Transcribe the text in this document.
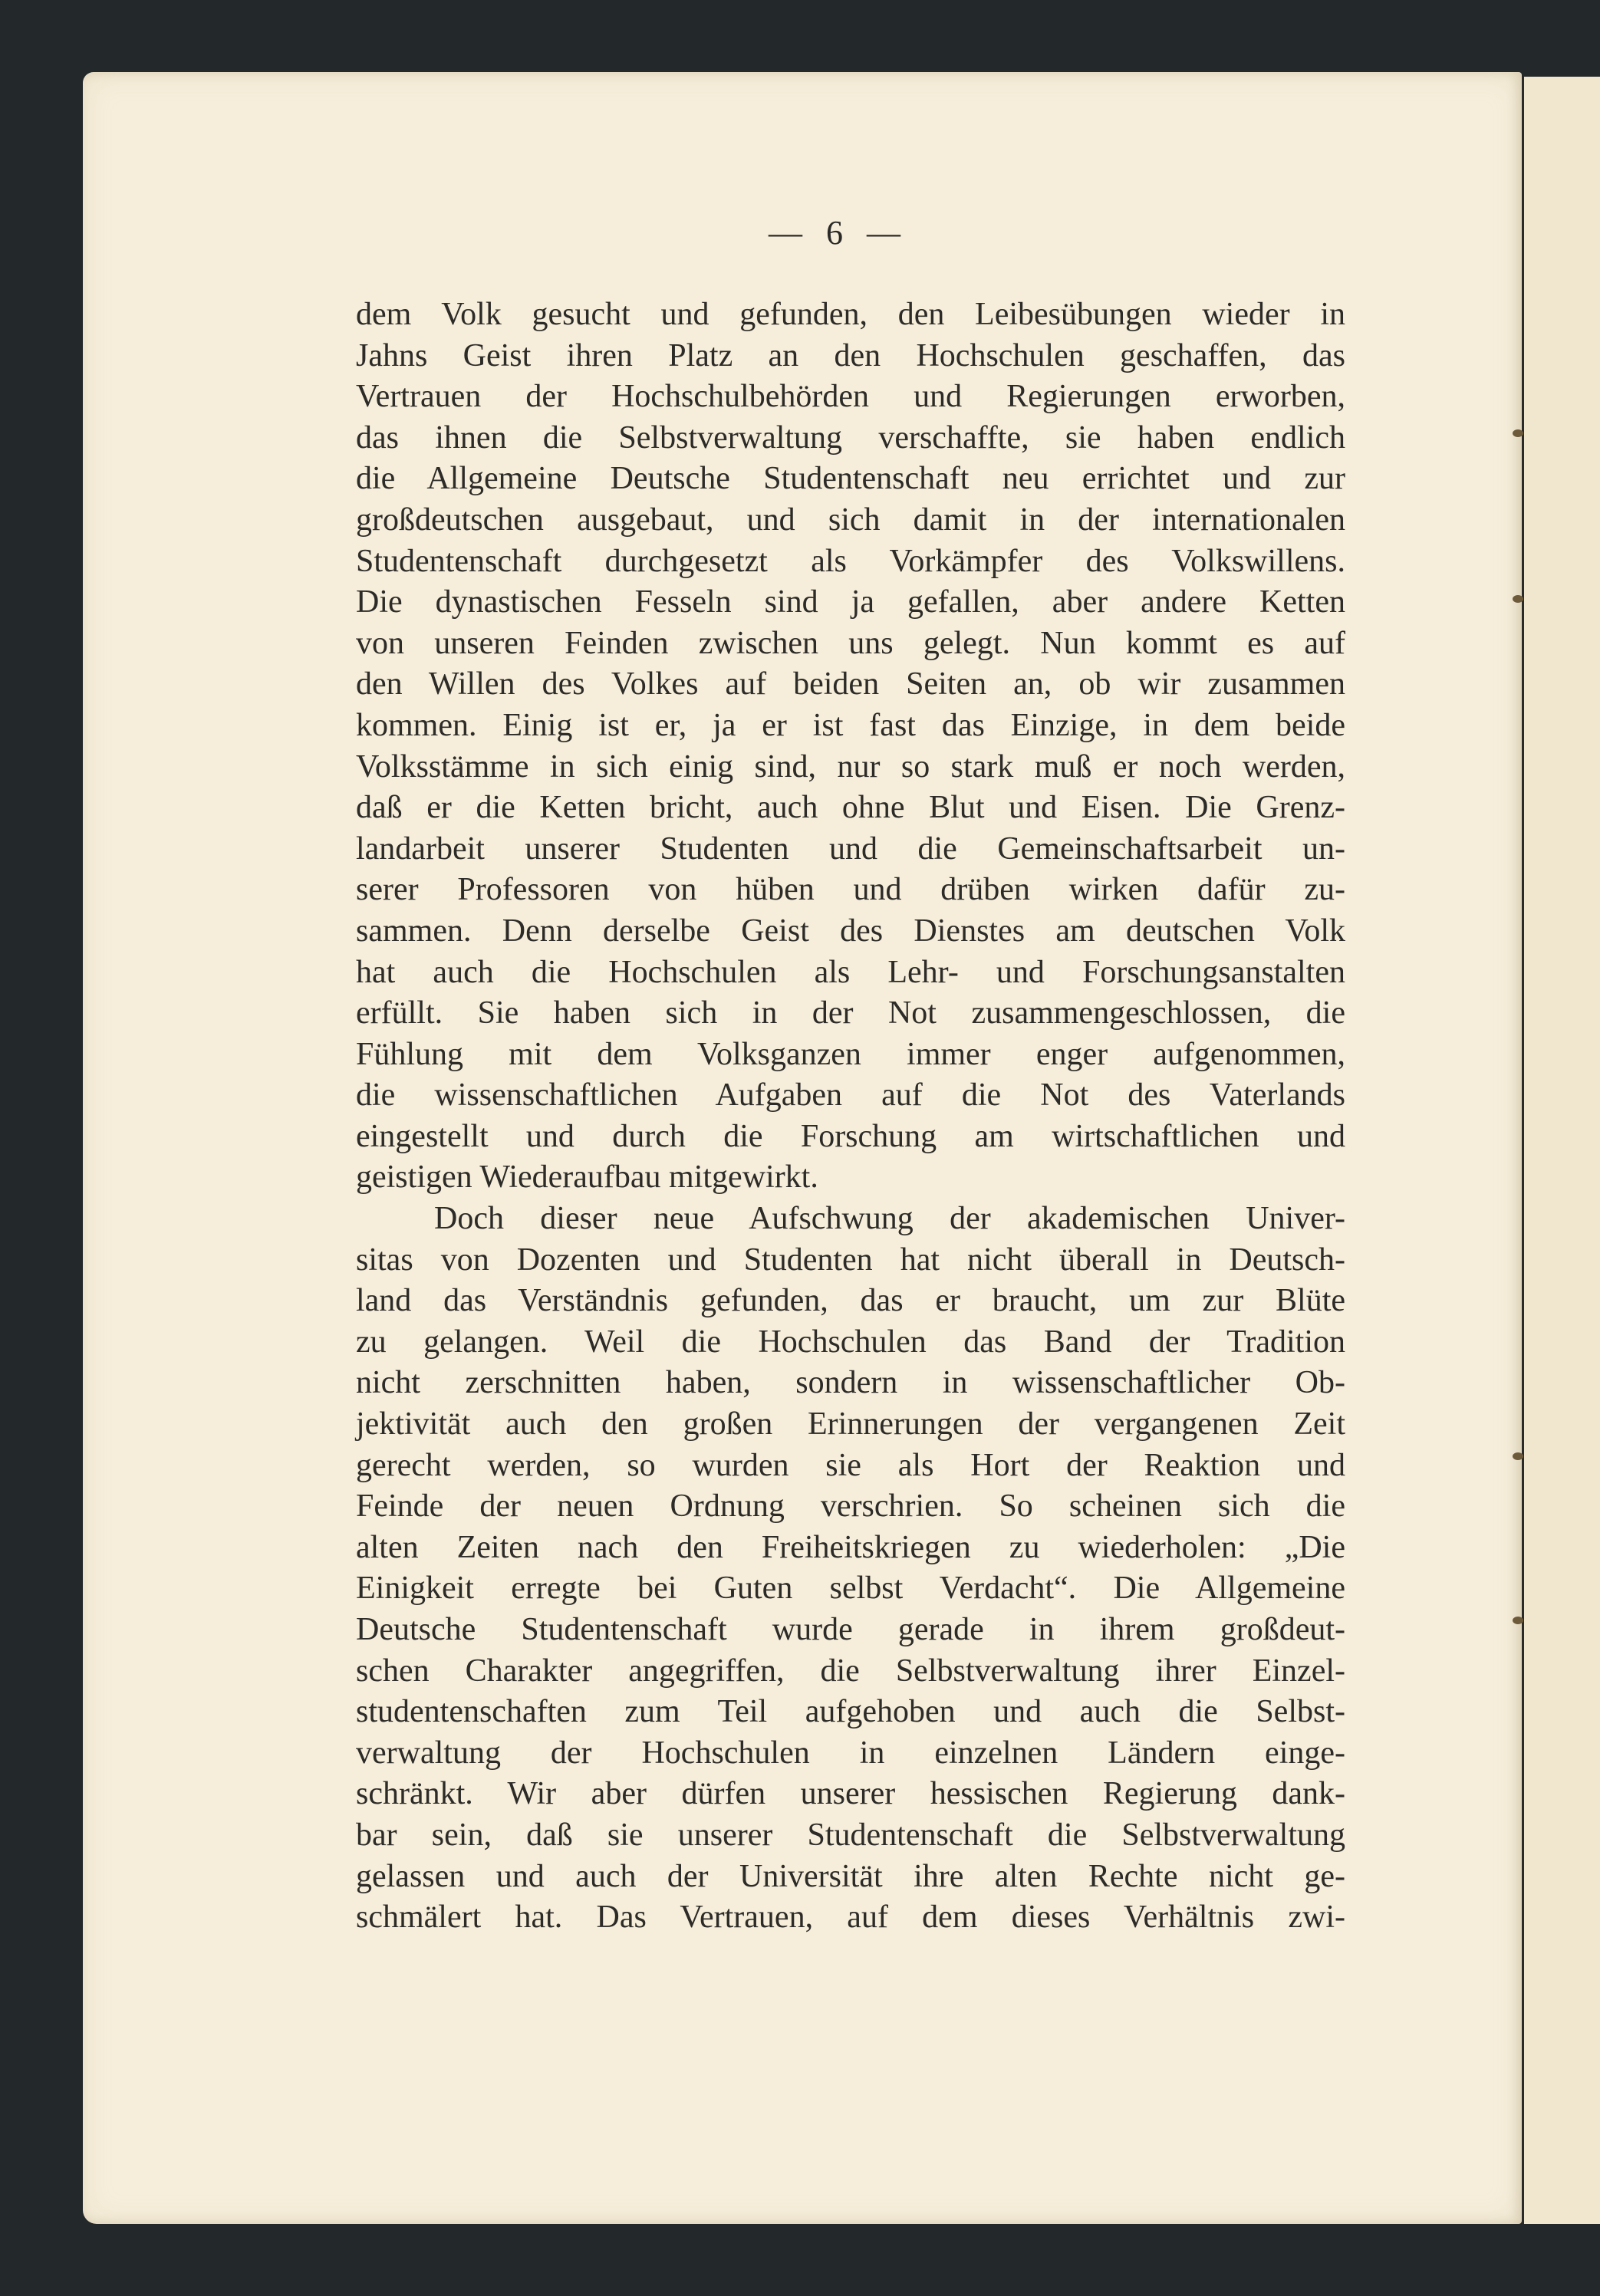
— 6 —
dem Volk gesucht und gefunden, den Leibesübungen wieder in
Jahns Geist ihren Platz an den Hochschulen geschaffen, das
Vertrauen der Hochschulbehörden und Regierungen erworben,
das ihnen die Selbstverwaltung verschaffte, sie haben endlich
die Allgemeine Deutsche Studentenschaft neu errichtet und zur
großdeutschen ausgebaut, und sich damit in der internationalen
Studentenschaft durchgesetzt als Vorkämpfer des Volkswillens.
Die dynastischen Fesseln sind ja gefallen, aber andere Ketten
von unseren Feinden zwischen uns gelegt. Nun kommt es auf
den Willen des Volkes auf beiden Seiten an, ob wir zusammen
kommen. Einig ist er, ja er ist fast das Einzige, in dem beide
Volksstämme in sich einig sind, nur so stark muß er noch werden,
daß er die Ketten bricht, auch ohne Blut und Eisen. Die Grenz-
landarbeit unserer Studenten und die Gemeinschaftsarbeit un-
serer Professoren von hüben und drüben wirken dafür zu-
sammen. Denn derselbe Geist des Dienstes am deutschen Volk
hat auch die Hochschulen als Lehr- und Forschungsanstalten
erfüllt. Sie haben sich in der Not zusammengeschlossen, die
Fühlung mit dem Volksganzen immer enger aufgenommen,
die wissenschaftlichen Aufgaben auf die Not des Vaterlands
eingestellt und durch die Forschung am wirtschaftlichen und
geistigen Wiederaufbau mitgewirkt.
Doch dieser neue Aufschwung der akademischen Univer-
sitas von Dozenten und Studenten hat nicht überall in Deutsch-
land das Verständnis gefunden, das er braucht, um zur Blüte
zu gelangen. Weil die Hochschulen das Band der Tradition
nicht zerschnitten haben, sondern in wissenschaftlicher Ob-
jektivität auch den großen Erinnerungen der vergangenen Zeit
gerecht werden, so wurden sie als Hort der Reaktion und
Feinde der neuen Ordnung verschrien. So scheinen sich die
alten Zeiten nach den Freiheitskriegen zu wiederholen: „Die
Einigkeit erregte bei Guten selbst Verdacht“. Die Allgemeine
Deutsche Studentenschaft wurde gerade in ihrem großdeut-
schen Charakter angegriffen, die Selbstverwaltung ihrer Einzel-
studentenschaften zum Teil aufgehoben und auch die Selbst-
verwaltung der Hochschulen in einzelnen Ländern einge-
schränkt. Wir aber dürfen unserer hessischen Regierung dank-
bar sein, daß sie unserer Studentenschaft die Selbstverwaltung
gelassen und auch der Universität ihre alten Rechte nicht ge-
schmälert hat. Das Vertrauen, auf dem dieses Verhältnis zwi-
